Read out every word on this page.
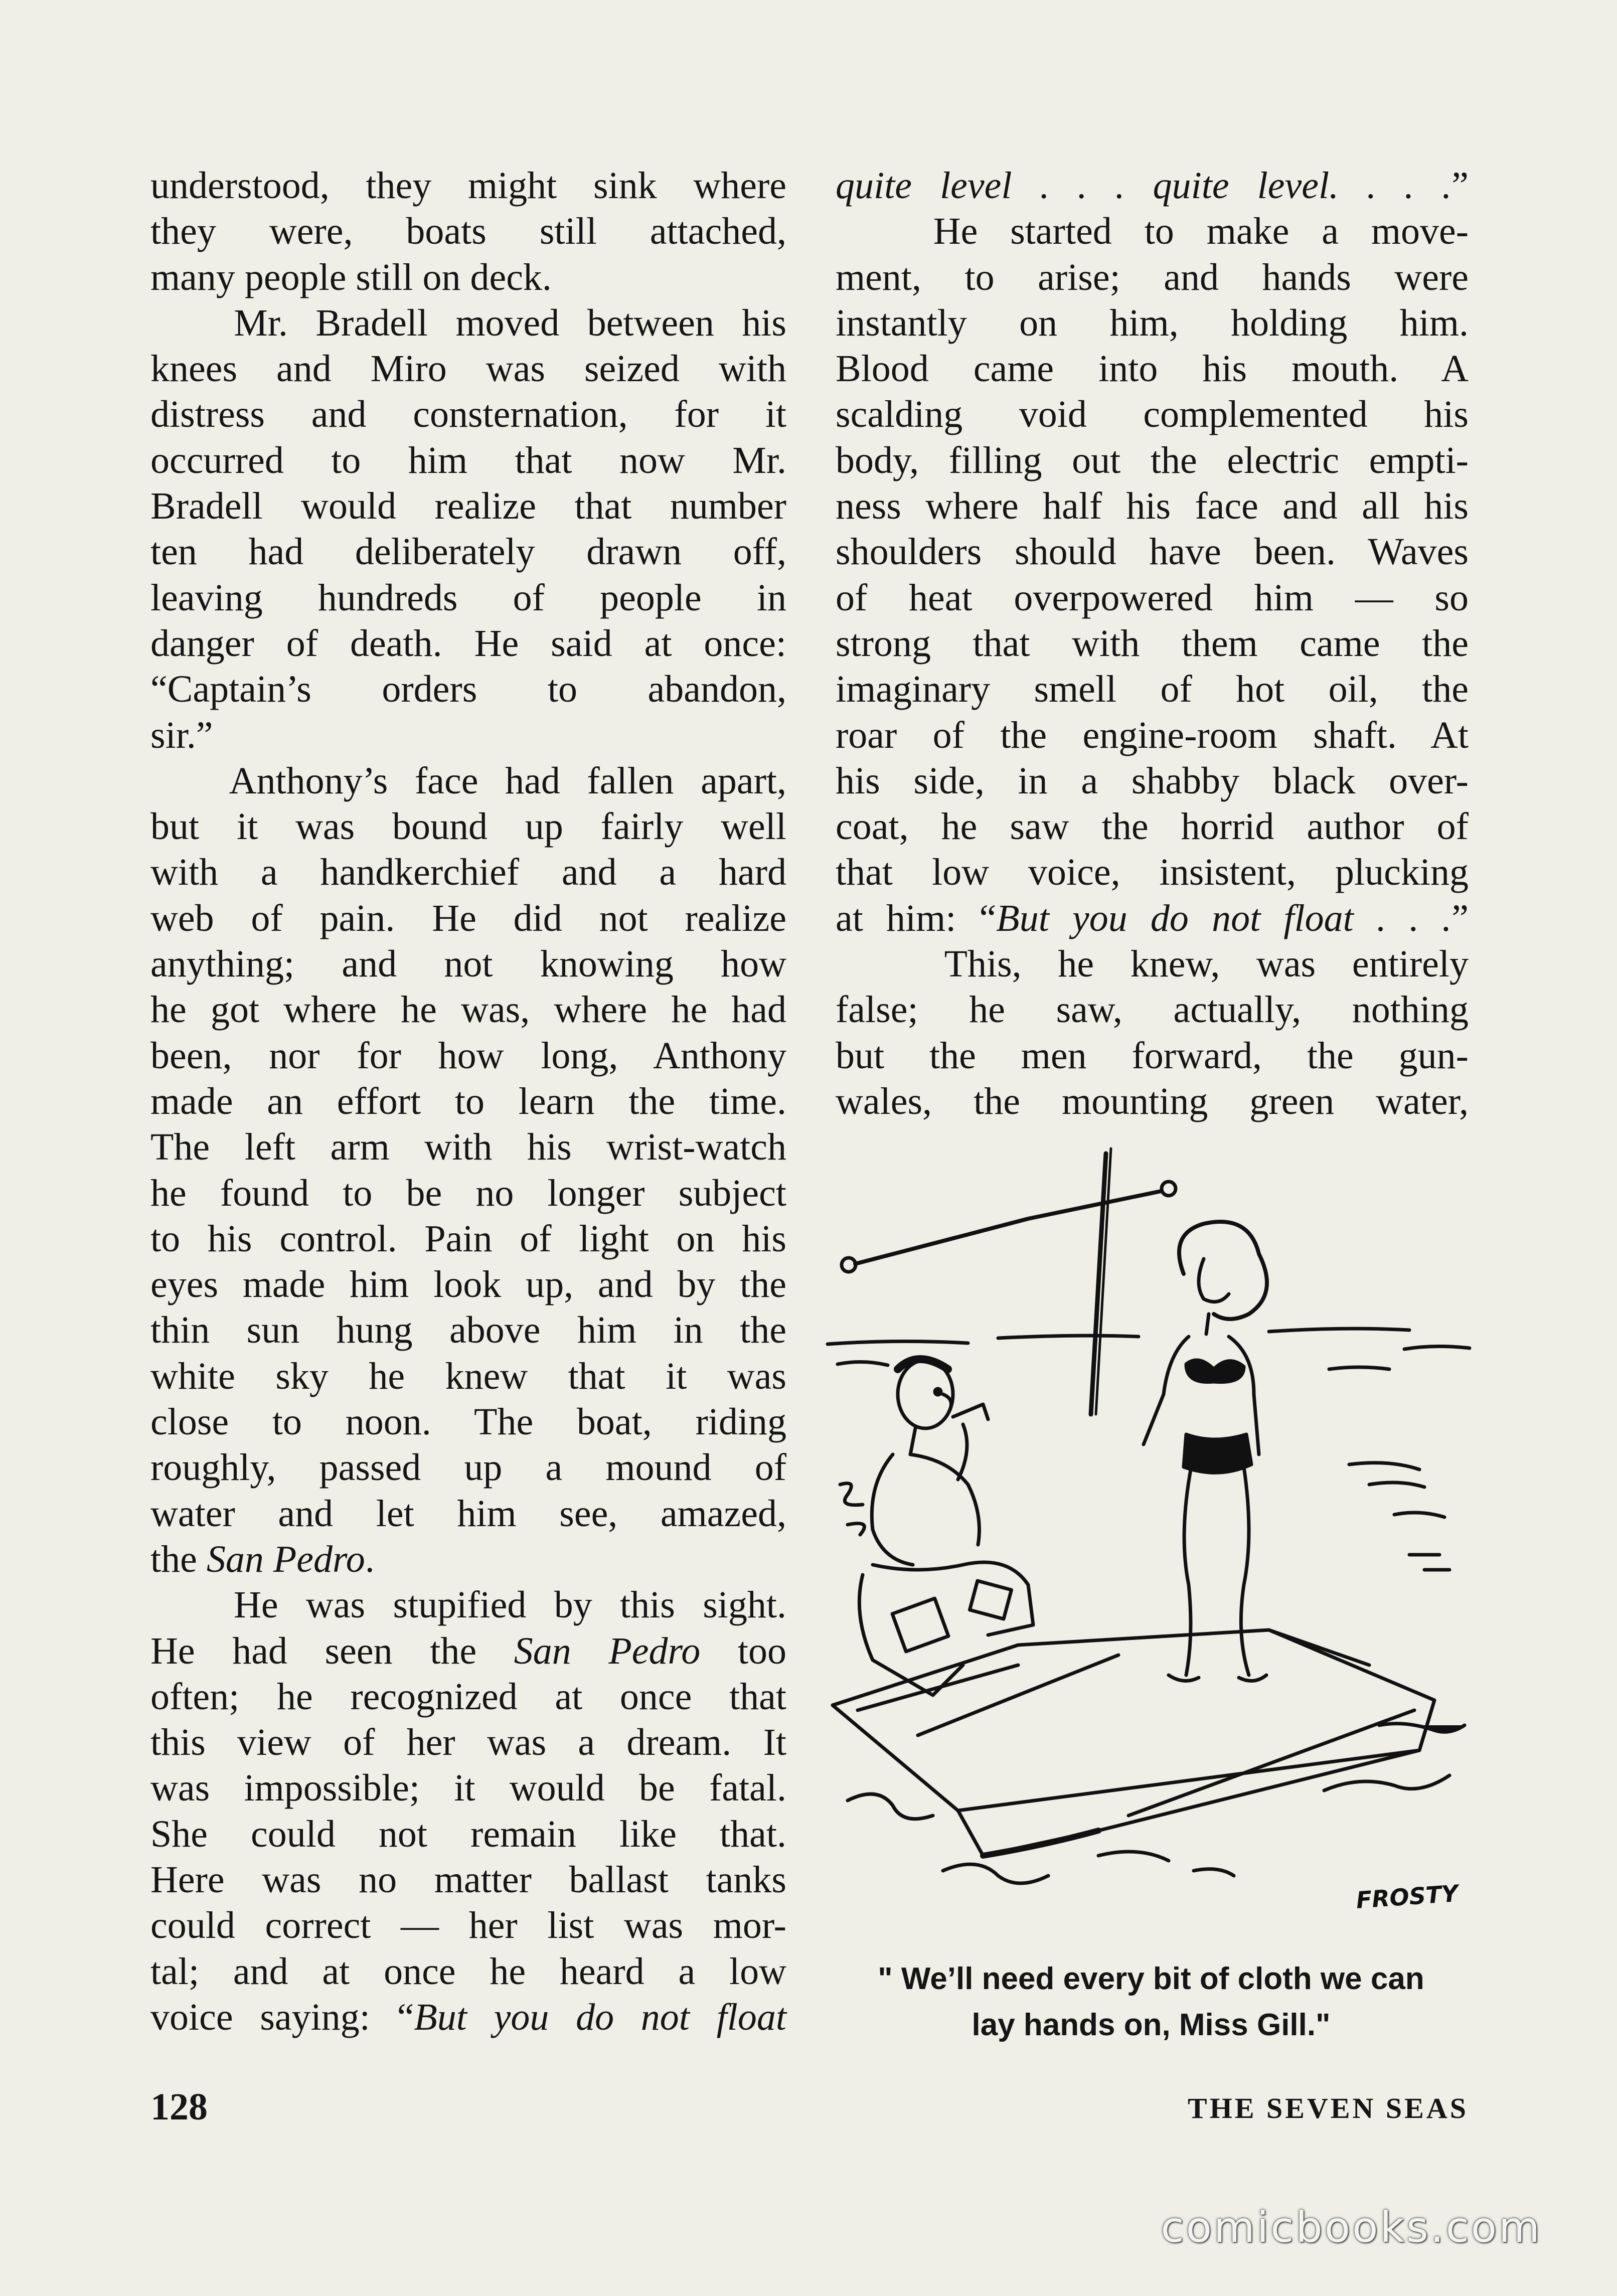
understood, they might sink where

they were, boats still attached,

many people still on deck.

Mr. Bradell moved between his

knees and Miro was seized with

distress and consternation, for it

occurred to him that now Mr.

Bradell would realize that number

ten had deliberately drawn off,

leaving hundreds of people in

danger of death. He said at once:

“Captain’s orders to abandon,

sir.”

Anthony’s face had fallen apart,

but it was bound up fairly well

with a handkerchief and a hard

web of pain. He did not realize

anything; and not knowing how

he got where he was, where he had

been, nor for how long, Anthony

made an effort to learn the time.

The left arm with his wrist-watch

he found to be no longer subject

to his control. Pain of light on his

eyes made him look up, and by the

thin sun hung above him in the

white sky he knew that it was

close to noon. The boat, riding

roughly, passed up a mound of

water and let him see, amazed,

the San Pedro.

He was stupified by this sight.

He had seen the San Pedro too

often; he recognized at once that

this view of her was a dream. It

was impossible; it would be fatal.

She could not remain like that.

Here was no matter ballast tanks

could correct — her list was mor-

tal; and at once he heard a low

voice saying: “But you do not float

quite level . . . quite level. . . .”

He started to make a move-

ment, to arise; and hands were

instantly on him, holding him.

Blood came into his mouth. A

scalding void complemented his

body, filling out the electric empti-

ness where half his face and all his

shoulders should have been. Waves

of heat overpowered him — so

strong that with them came the

imaginary smell of hot oil, the

roar of the engine-room shaft. At

his side, in a shabby black over-

coat, he saw the horrid author of

that low voice, insistent, plucking

at him: “But you do not float . . .”

This, he knew, was entirely

false; he saw, actually, nothing

but the men forward, the gun-

wales, the mounting green water,

FROSTY
" We’ll need every bit of cloth we can
lay hands on, Miss Gill."
128	THE SEVEN SEAS
comicbooks.com
